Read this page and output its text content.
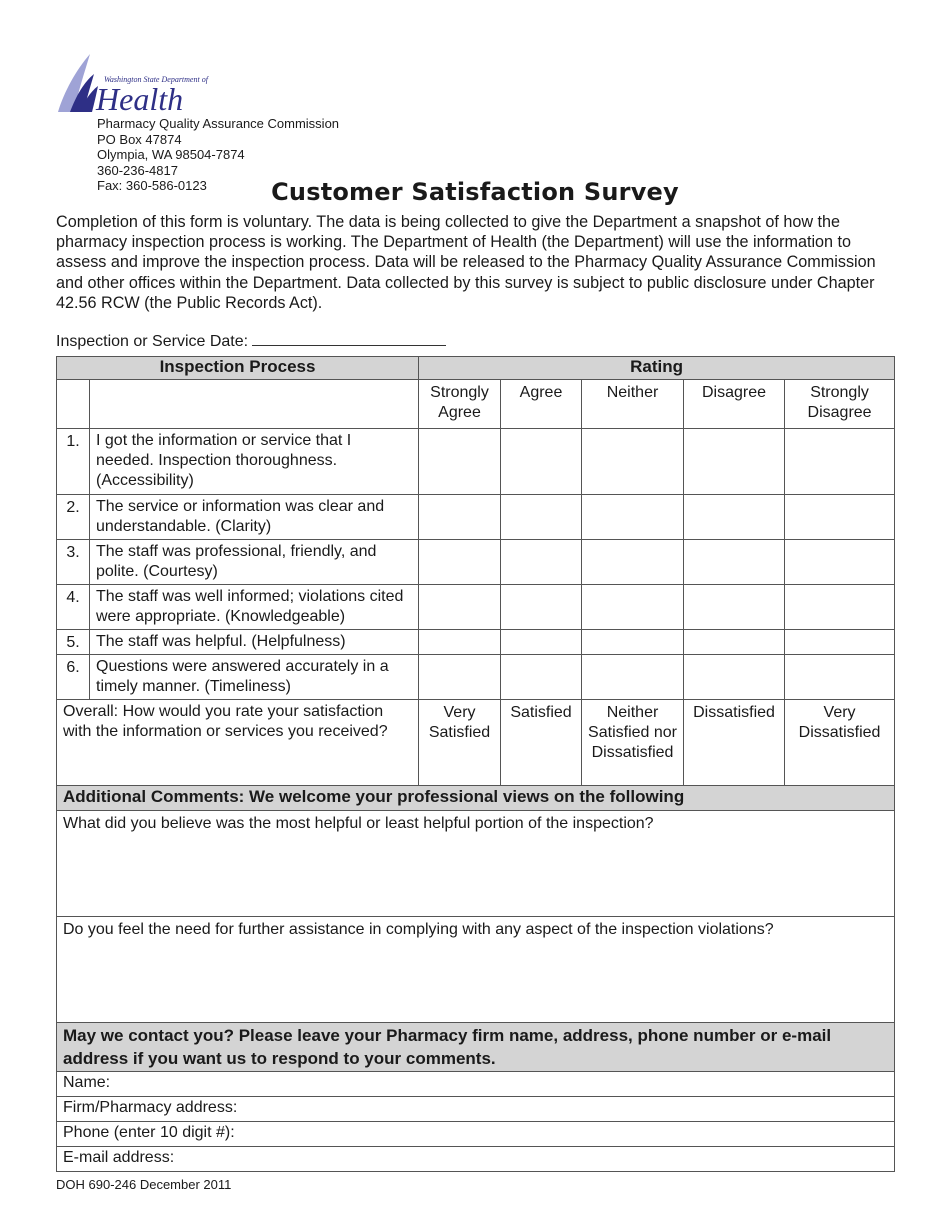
Washington State Department of
Health
Pharmacy Quality Assurance Commission
PO Box 47874
Olympia, WA 98504-7874
360-236-4817
Fax: 360-586-0123	Customer Satisfaction Survey
Completion of this form is voluntary. The data is being collected to give the Department a snapshot of how the pharmacy inspection process is working. The Department of Health (the Department) will use the information to assess and improve the inspection process. Data will be released to the Pharmacy Quality Assurance Commission and other offices within the Department. Data collected by this survey is subject to public disclosure under Chapter 42.56 RCW (the Public Records Act).
Inspection or Service Date:
Inspection Process		Rating				
		Strongly Agree	Agree	Neither	Disagree	Strongly Disagree
1.	I got the information or service that I needed. Inspection thoroughness. (Accessibility)					
2.	The service or information was clear and understandable. (Clarity)					
3.	The staff was professional, friendly, and polite. (Courtesy)					
4.	The staff was well informed; violations cited were appropriate. (Knowledgeable)					
5.	The staff was helpful. (Helpfulness)					
6.	Questions were answered accurately in a timely manner. (Timeliness)					
Overall: How would you rate your satisfaction with the information or services you received?		Very Satisfied	Satisfied	Neither Satisfied nor Dissatisfied	Dissatisfied	Very Dissatisfied
Additional Comments: We welcome your professional views on the following						
What did you believe was the most helpful or least helpful portion of the inspection?						
Do you feel the need for further assistance in complying with any aspect of the inspection violations?						
May we contact you? Please leave your Pharmacy firm name, address, phone number or e-mail address if you want us to respond to your comments.						
Name:						
Firm/Pharmacy address:						
Phone (enter 10 digit #):						
E-mail address:						
DOH 690-246 December 2011
